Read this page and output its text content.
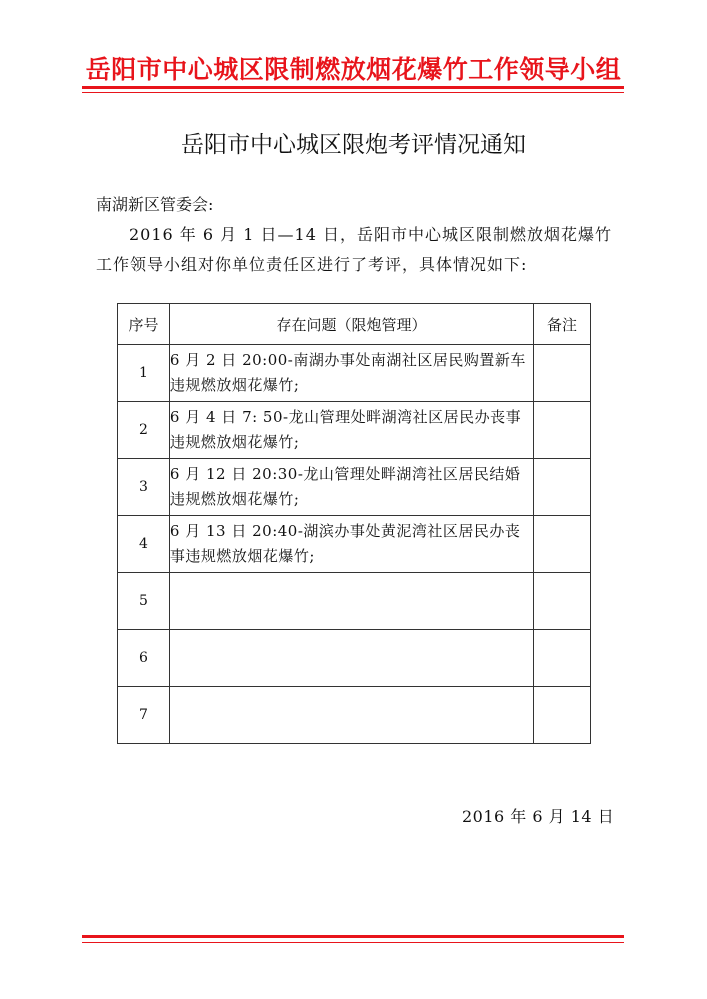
岳阳市中心城区限制燃放烟花爆竹工作领导小组
岳阳市中心城区限炮考评情况通知
南湖新区管委会:
2016 年 6 月 1 日—14 日，岳阳市中心城区限制燃放烟花爆竹工作领导小组对你单位责任区进行了考评，具体情况如下:
序号	存在问题（限炮管理）	备注
1	6 月 2 日 20:00-南湖办事处南湖社区居民购置新车违规燃放烟花爆竹;	
2	6 月 4 日 7: 50-龙山管理处畔湖湾社区居民办丧事违规燃放烟花爆竹;	
3	6 月 12 日 20:30-龙山管理处畔湖湾社区居民结婚违规燃放烟花爆竹;	
4	6 月 13 日 20:40-湖滨办事处黄泥湾社区居民办丧事违规燃放烟花爆竹;	
5		
6		
7		
2016 年 6 月 14 日
